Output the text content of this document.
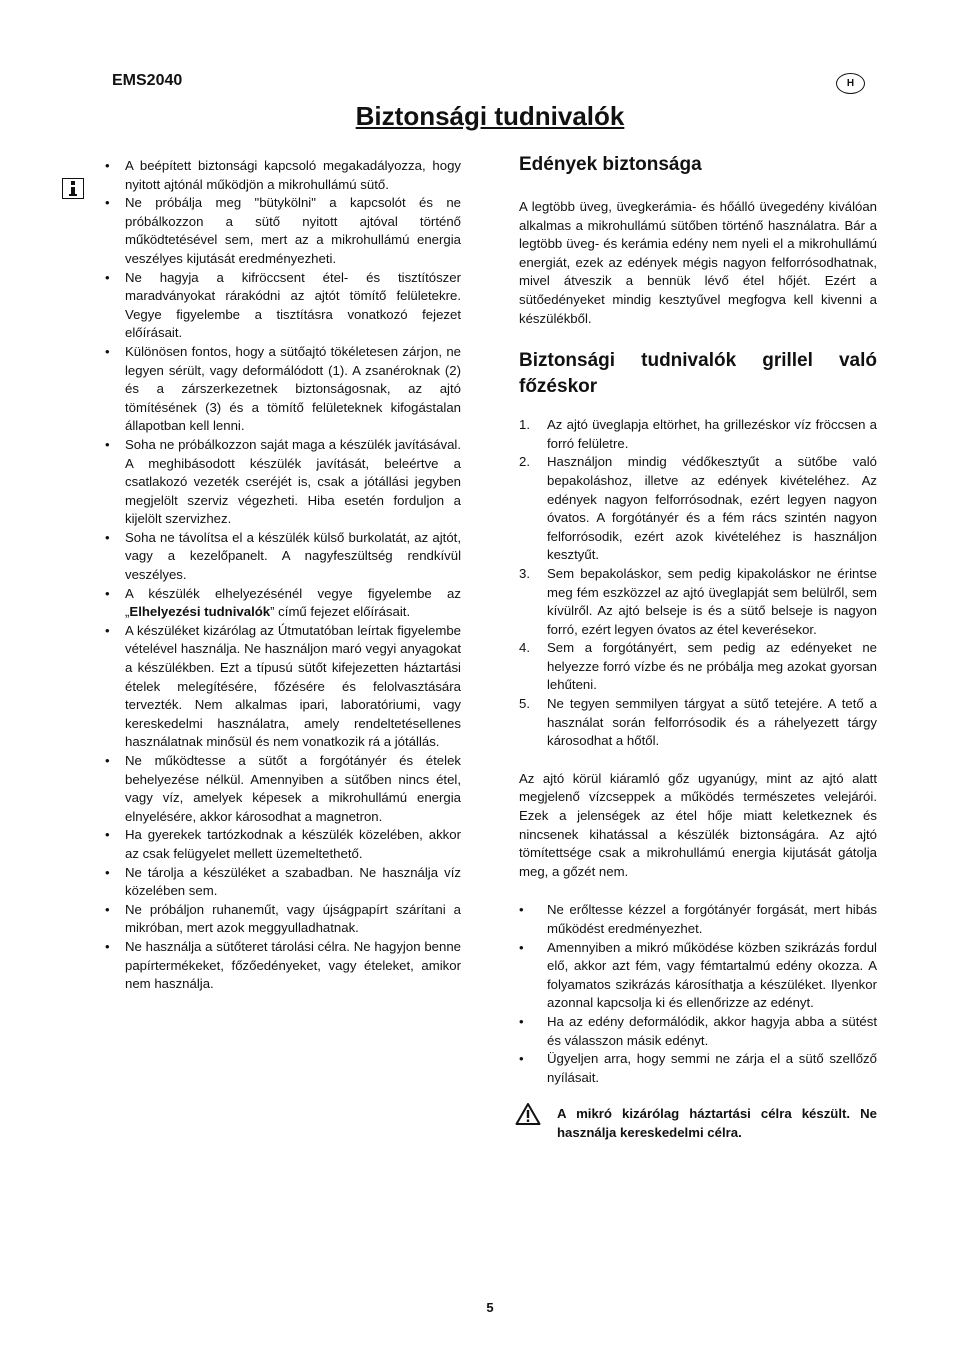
EMS2040	H
Biztonsági tudnivalók
• A beépített biztonsági kapcsoló megakadályozza, hogy nyitott ajtónál működjön a mikrohullámú sütő.
• Ne próbálja meg "bütykölni" a kapcsolót és ne próbálkozzon a sütő nyitott ajtóval történő működtetésével sem, mert az a mikrohullámú energia veszélyes kijutását eredményezheti.
• Ne hagyja a kifröccsent étel- és tisztítószer maradványokat rárakódni az ajtót tömítő felületekre. Vegye figyelembe a tisztításra vonatkozó fejezet előírásait.
• Különösen fontos, hogy a sütőajtó tökéletesen zárjon, ne legyen sérült, vagy deformálódott (1). A zsanéroknak (2) és a zárszerkezetnek biztonságosnak, az ajtó tömítésének (3) és a tömítő felületeknek kifogástalan állapotban kell lenni.
• Soha ne próbálkozzon saját maga a készülék javításával. A meghibásodott készülék javítását, beleértve a csatlakozó vezeték cseréjét is, csak a jótállási jegyben megjelölt szerviz végezheti. Hiba esetén forduljon a kijelölt szervizhez.
• Soha ne távolítsa el a készülék külső burkolatát, az ajtót, vagy a kezelőpanelt. A nagyfeszültség rendkívül veszélyes.
• A készülék elhelyezésénél vegye figyelembe az „Elhelyezési tudnivalók” című fejezet előírásait.
• A készüléket kizárólag az Útmutatóban leírtak figyelembe vételével használja. Ne használjon maró vegyi anyagokat a készülékben. Ezt a típusú sütőt kifejezetten háztartási ételek melegítésére, főzésére és felolvasztására tervezték. Nem alkalmas ipari, laboratóriumi, vagy kereskedelmi használatra, amely rendeltetésellenes használatnak minősül és nem vonatkozik rá a jótállás.
• Ne működtesse a sütőt a forgótányér és ételek behelyezése nélkül. Amennyiben a sütőben nincs étel, vagy víz, amelyek képesek a mikrohullámú energia elnyelésére, akkor károsodhat a magnetron.
• Ha gyerekek tartózkodnak a készülék közelében, akkor az csak felügyelet mellett üzemeltethető.
• Ne tárolja a készüléket a szabadban. Ne használja víz közelében sem.
• Ne próbáljon ruhaneműt, vagy újságpapírt szárítani a mikróban, mert azok meggyulladhatnak.
• Ne használja a sütőteret tárolási célra. Ne hagyjon benne papírtermékeket, főzőedényeket, vagy ételeket, amikor nem használja.
Edények biztonsága

A legtöbb üveg, üvegkerámia- és hőálló üvegedény kiválóan alkalmas a mikrohullámú sütőben történő használatra. Bár a legtöbb üveg- és kerámia edény nem nyeli el a mikrohullámú energiát, ezek az edények mégis nagyon felforrósodhatnak, mivel átveszik a bennük lévő étel hőjét. Ezért a sütőedényeket mindig kesztyűvel megfogva kell kivenni a készülékből.

Biztonsági tudnivalók grillel való főzéskor
1. Az ajtó üveglapja eltörhet, ha grillezéskor víz fröccsen a forró felületre.
2. Használjon mindig védőkesztyűt a sütőbe való bepakoláshoz, illetve az edények kivételéhez. Az edények nagyon felforrósodnak, ezért legyen nagyon óvatos. A forgótányér és a fém rács szintén nagyon felforrósodik, ezért azok kivételéhez is használjon kesztyűt.
3. Sem bepakoláskor, sem pedig kipakoláskor ne érintse meg fém eszközzel az ajtó üveglapját sem belülről, sem kívülről. Az ajtó belseje is és a sütő belseje is nagyon forró, ezért legyen óvatos az étel keverésekor.
4. Sem a forgótányért, sem pedig az edényeket ne helyezze forró vízbe és ne próbálja meg azokat gyorsan lehűteni.
5. Ne tegyen semmilyen tárgyat a sütő tetejére. A tető a használat során felforrósodik és a ráhelyezett tárgy károsodhat a hőtől.

Az ajtó körül kiáramló gőz ugyanúgy, mint az ajtó alatt megjelenő vízcseppek a működés természetes velejárói. Ezek a jelenségek az étel hője miatt keletkeznek és nincsenek kihatással a készülék biztonságára. Az ajtó tömítettsége csak a mikrohullámú energia kijutását gátolja meg, a gőzét nem.

• Ne erőltesse kézzel a forgótányér forgását, mert hibás működést eredményezhet.
• Amennyiben a mikró működése közben szikrázás fordul elő, akkor azt fém, vagy fémtartalmú edény okozza. A folyamatos szikrázás károsíthatja a készüléket. Ilyenkor azonnal kapcsolja ki és ellenőrizze az edényt.
• Ha az edény deformálódik, akkor hagyja abba a sütést és válasszon másik edényt.
• Ügyeljen arra, hogy semmi ne zárja el a sütő szellőző nyílásait.
A mikró kizárólag háztartási célra készült. Ne használja kereskedelmi célra.
5
